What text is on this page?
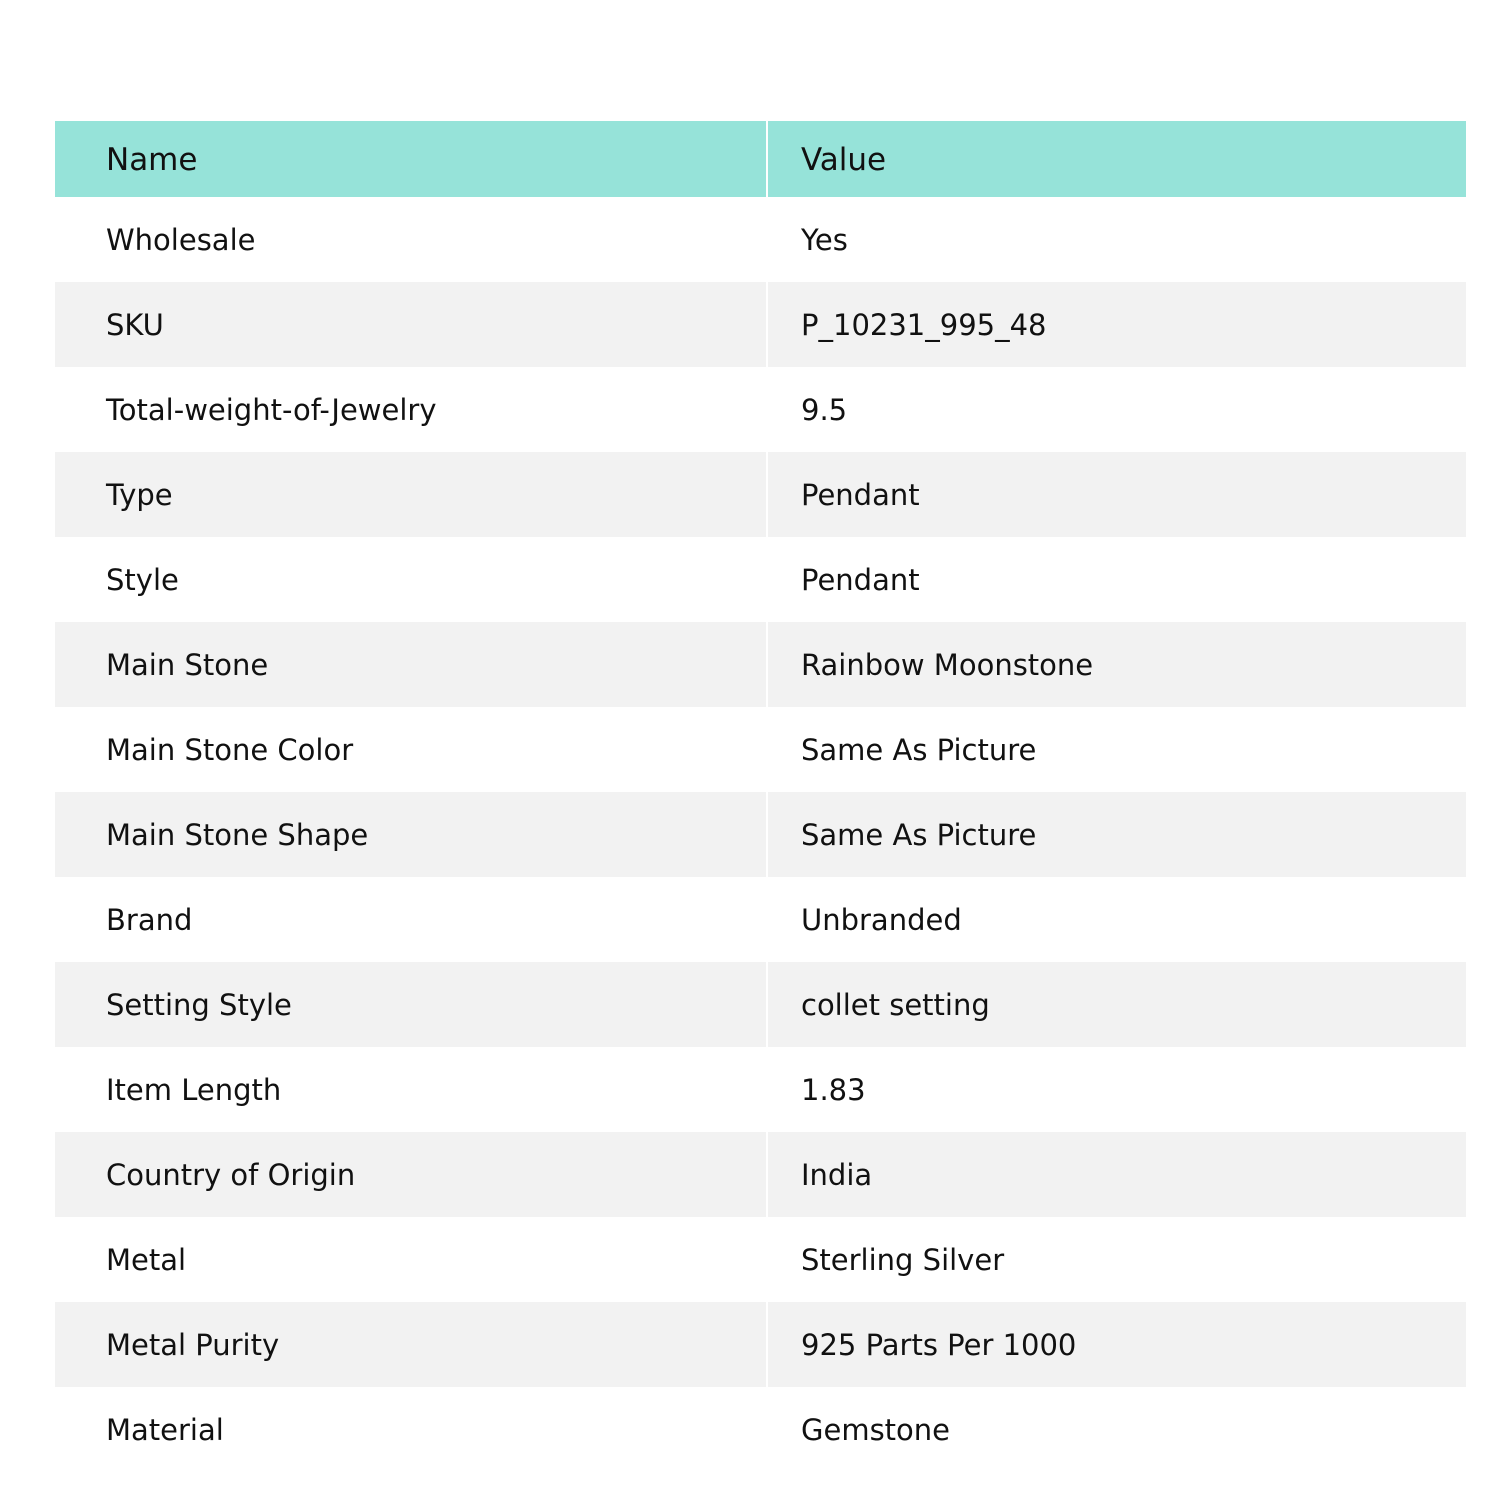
Name	Value
Wholesale	Yes
SKU	P_10231_995_48
Total-weight-of-Jewelry	9.5
Type	Pendant
Style	Pendant
Main Stone	Rainbow Moonstone
Main Stone Color	Same As Picture
Main Stone Shape	Same As Picture
Brand	Unbranded
Setting Style	collet setting
Item Length	1.83
Country of Origin	India
Metal	Sterling Silver
Metal Purity	925 Parts Per 1000
Material	Gemstone
